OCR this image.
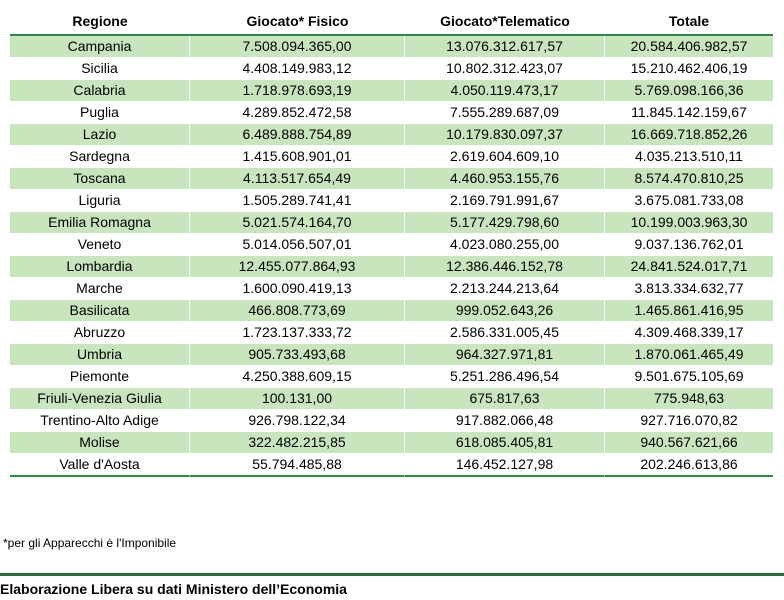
Regione	Giocato* Fisico	Giocato*Telematico	Totale
Campania	7.508.094.365,00	13.076.312.617,57	20.584.406.982,57
Sicilia	4.408.149.983,12	10.802.312.423,07	15.210.462.406,19
Calabria	1.718.978.693,19	4.050.119.473,17	5.769.098.166,36
Puglia	4.289.852.472,58	7.555.289.687,09	11.845.142.159,67
Lazio	6.489.888.754,89	10.179.830.097,37	16.669.718.852,26
Sardegna	1.415.608.901,01	2.619.604.609,10	4.035.213.510,11
Toscana	4.113.517.654,49	4.460.953.155,76	8.574.470.810,25
Liguria	1.505.289.741,41	2.169.791.991,67	3.675.081.733,08
Emilia Romagna	5.021.574.164,70	5.177.429.798,60	10.199.003.963,30
Veneto	5.014.056.507,01	4.023.080.255,00	9.037.136.762,01
Lombardia	12.455.077.864,93	12.386.446.152,78	24.841.524.017,71
Marche	1.600.090.419,13	2.213.244.213,64	3.813.334.632,77
Basilicata	466.808.773,69	999.052.643,26	1.465.861.416,95
Abruzzo	1.723.137.333,72	2.586.331.005,45	4.309.468.339,17
Umbria	905.733.493,68	964.327.971,81	1.870.061.465,49
Piemonte	4.250.388.609,15	5.251.286.496,54	9.501.675.105,69
Friuli-Venezia Giulia	100.131,00	675.817,63	775.948,63
Trentino-Alto Adige	926.798.122,34	917.882.066,48	927.716.070,82
Molise	322.482.215,85	618.085.405,81	940.567.621,66
Valle d'Aosta	55.794.485,88	146.452.127,98	202.246.613,86
*per gli Apparecchi è l'Imponibile
Elaborazione Libera su dati Ministero dell’Economia
